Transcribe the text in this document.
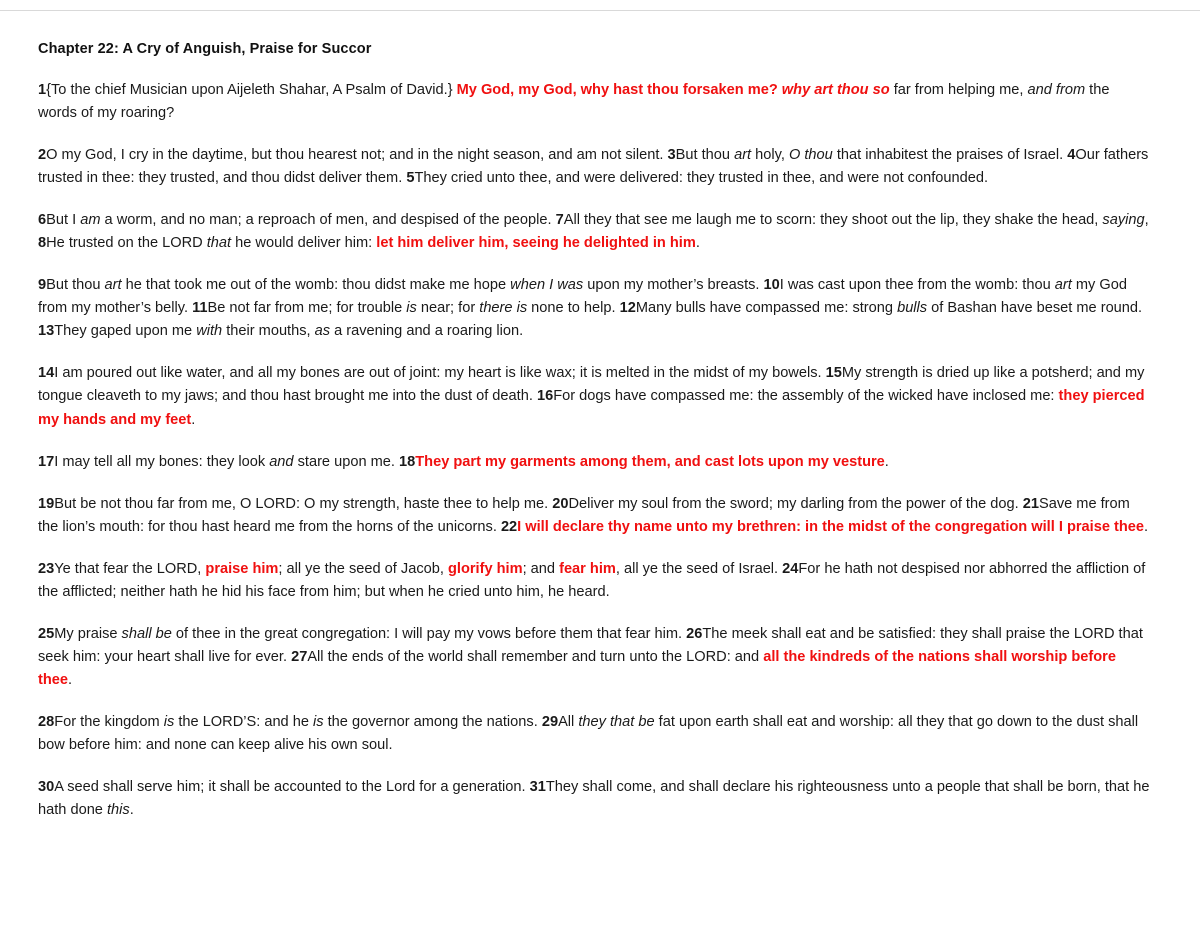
Chapter 22: A Cry of Anguish, Praise for Succor

1{To the chief Musician upon Aijeleth Shahar, A Psalm of David.} My God, my God, why hast thou forsaken me? why art thou so far from helping me, and from the words of my roaring?

2O my God, I cry in the daytime, but thou hearest not; and in the night season, and am not silent. 3But thou art holy, O thou that inhabitest the praises of Israel. 4Our fathers trusted in thee: they trusted, and thou didst deliver them. 5They cried unto thee, and were delivered: they trusted in thee, and were not confounded.

6But I am a worm, and no man; a reproach of men, and despised of the people. 7All they that see me laugh me to scorn: they shoot out the lip, they shake the head, saying, 8He trusted on the LORD that he would deliver him: let him deliver him, seeing he delighted in him.

9But thou art he that took me out of the womb: thou didst make me hope when I was upon my mother’s breasts. 10I was cast upon thee from the womb: thou art my God from my mother’s belly. 11Be not far from me; for trouble is near; for there is none to help. 12Many bulls have compassed me: strong bulls of Bashan have beset me round. 13They gaped upon me with their mouths, as a ravening and a roaring lion.

14I am poured out like water, and all my bones are out of joint: my heart is like wax; it is melted in the midst of my bowels. 15My strength is dried up like a potsherd; and my tongue cleaveth to my jaws; and thou hast brought me into the dust of death. 16For dogs have compassed me: the assembly of the wicked have inclosed me: they pierced my hands and my feet.

17I may tell all my bones: they look and stare upon me. 18They part my garments among them, and cast lots upon my vesture.

19But be not thou far from me, O LORD: O my strength, haste thee to help me. 20Deliver my soul from the sword; my darling from the power of the dog. 21Save me from the lion’s mouth: for thou hast heard me from the horns of the unicorns. 22I will declare thy name unto my brethren: in the midst of the congregation will I praise thee.

23Ye that fear the LORD, praise him; all ye the seed of Jacob, glorify him; and fear him, all ye the seed of Israel. 24For he hath not despised nor abhorred the affliction of the afflicted; neither hath he hid his face from him; but when he cried unto him, he heard.

25My praise shall be of thee in the great congregation: I will pay my vows before them that fear him. 26The meek shall eat and be satisfied: they shall praise the LORD that seek him: your heart shall live for ever. 27All the ends of the world shall remember and turn unto the LORD: and all the kindreds of the nations shall worship before thee.

28For the kingdom is the LORD’S: and he is the governor among the nations. 29All they that be fat upon earth shall eat and worship: all they that go down to the dust shall bow before him: and none can keep alive his own soul.

30A seed shall serve him; it shall be accounted to the Lord for a generation. 31They shall come, and shall declare his righteousness unto a people that shall be born, that he hath done this.
